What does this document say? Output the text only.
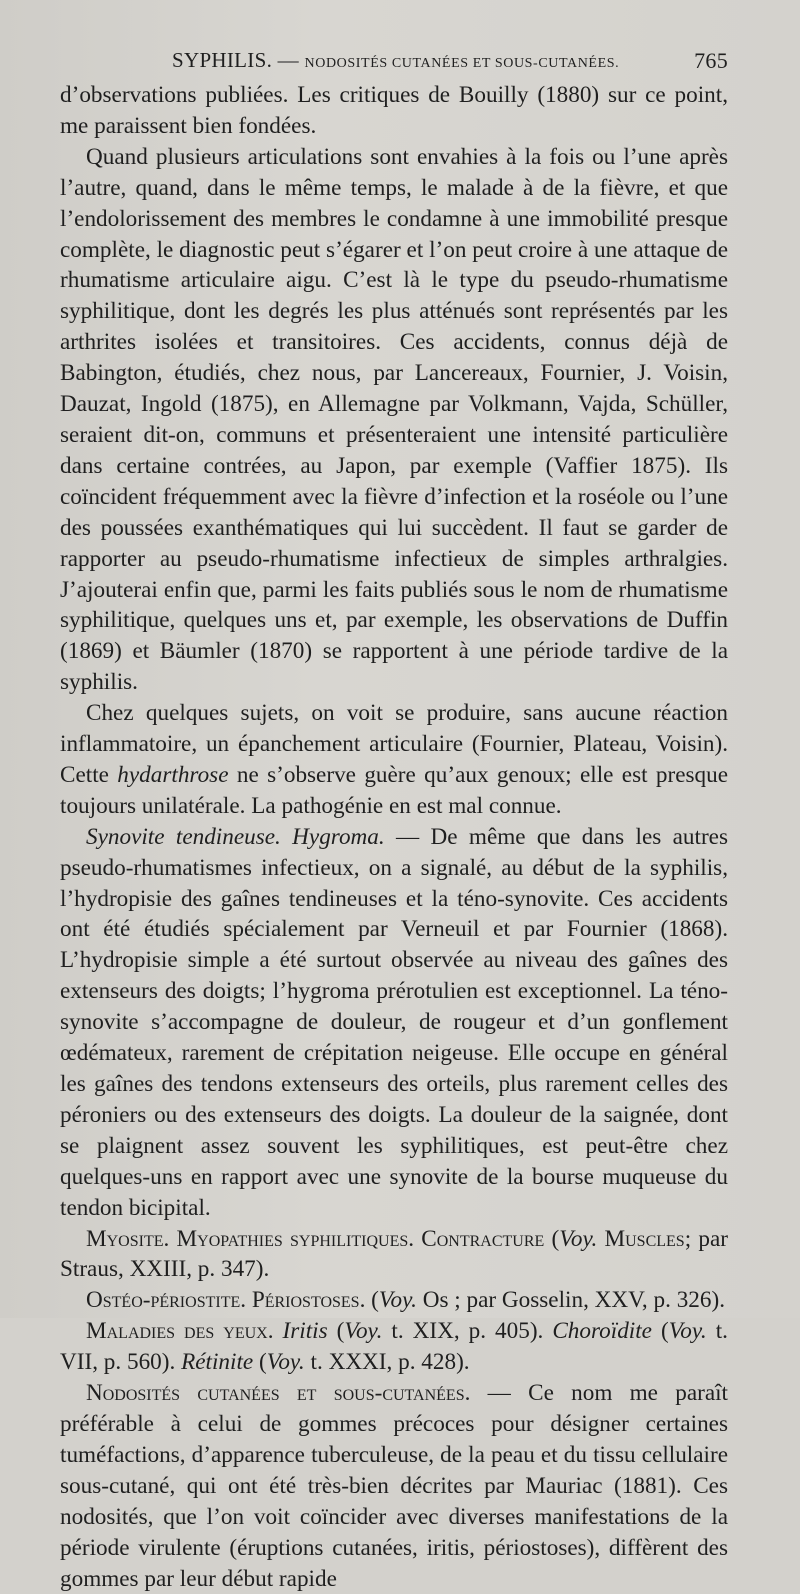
SYPHILIS. — NODOSITÉS CUTANÉES ET SOUS-CUTANÉES.	765

d’observations publiées. Les critiques de Bouilly (1880) sur ce point, me paraissent bien fondées.

Quand plusieurs articulations sont envahies à la fois ou l’une après l’autre, quand, dans le même temps, le malade à de la fièvre, et que l’endolorissement des membres le condamne à une immobilité presque complète, le diagnostic peut s’égarer et l’on peut croire à une attaque de rhumatisme articulaire aigu. C’est là le type du pseudo-rhumatisme syphilitique, dont les degrés les plus atténués sont représentés par les arthrites isolées et transitoires. Ces accidents, connus déjà de Babington, étudiés, chez nous, par Lancereaux, Fournier, J. Voisin, Dauzat, Ingold (1875), en Allemagne par Volkmann, Vajda, Schüller, seraient dit-on, communs et présenteraient une intensité particulière dans certaine contrées, au Japon, par exemple (Vaffier 1875). Ils coïncident fréquemment avec la fièvre d’infection et la roséole ou l’une des poussées exanthématiques qui lui succèdent. Il faut se garder de rapporter au pseudo-rhumatisme infectieux de simples arthralgies. J’ajouterai enfin que, parmi les faits publiés sous le nom de rhumatisme syphilitique, quelques uns et, par exemple, les observations de Duffin (1869) et Bäumler (1870) se rapportent à une période tardive de la syphilis.

Chez quelques sujets, on voit se produire, sans aucune réaction inflammatoire, un épanchement articulaire (Fournier, Plateau, Voisin). Cette hydarthrose ne s’observe guère qu’aux genoux; elle est presque toujours unilatérale. La pathogénie en est mal connue.

Synovite tendineuse. Hygroma. — De même que dans les autres pseudo-rhumatismes infectieux, on a signalé, au début de la syphilis, l’hydropisie des gaînes tendineuses et la téno-synovite. Ces accidents ont été étudiés spécialement par Verneuil et par Fournier (1868). L’hydropisie simple a été surtout observée au niveau des gaînes des extenseurs des doigts; l’hygroma prérotulien est exceptionnel. La téno-synovite s’accompagne de douleur, de rougeur et d’un gonflement œdémateux, rarement de crépitation neigeuse. Elle occupe en général les gaînes des tendons extenseurs des orteils, plus rarement celles des péroniers ou des extenseurs des doigts. La douleur de la saignée, dont se plaignent assez souvent les syphilitiques, est peut-être chez quelques-uns en rapport avec une synovite de la bourse muqueuse du tendon bicipital.

Myosite. Myopathies syphilitiques. Contracture (Voy. Muscles; par Straus, XXIII, p. 347).

Ostéo-périostite. Périostoses. (Voy. Os ; par Gosselin, XXV, p. 326).

Maladies des yeux. Iritis (Voy. t. XIX, p. 405). Choroïdite (Voy. t. VII, p. 560). Rétinite (Voy. t. XXXI, p. 428).

Nodosités cutanées et sous-cutanées. — Ce nom me paraît préférable à celui de gommes précoces pour désigner certaines tuméfactions, d’apparence tuberculeuse, de la peau et du tissu cellulaire sous-cutané, qui ont été très-bien décrites par Mauriac (1881). Ces nodosités, que l’on voit coïncider avec diverses manifestations de la période virulente (éruptions cutanées, iritis, périostoses), diffèrent des gommes par leur début rapide
